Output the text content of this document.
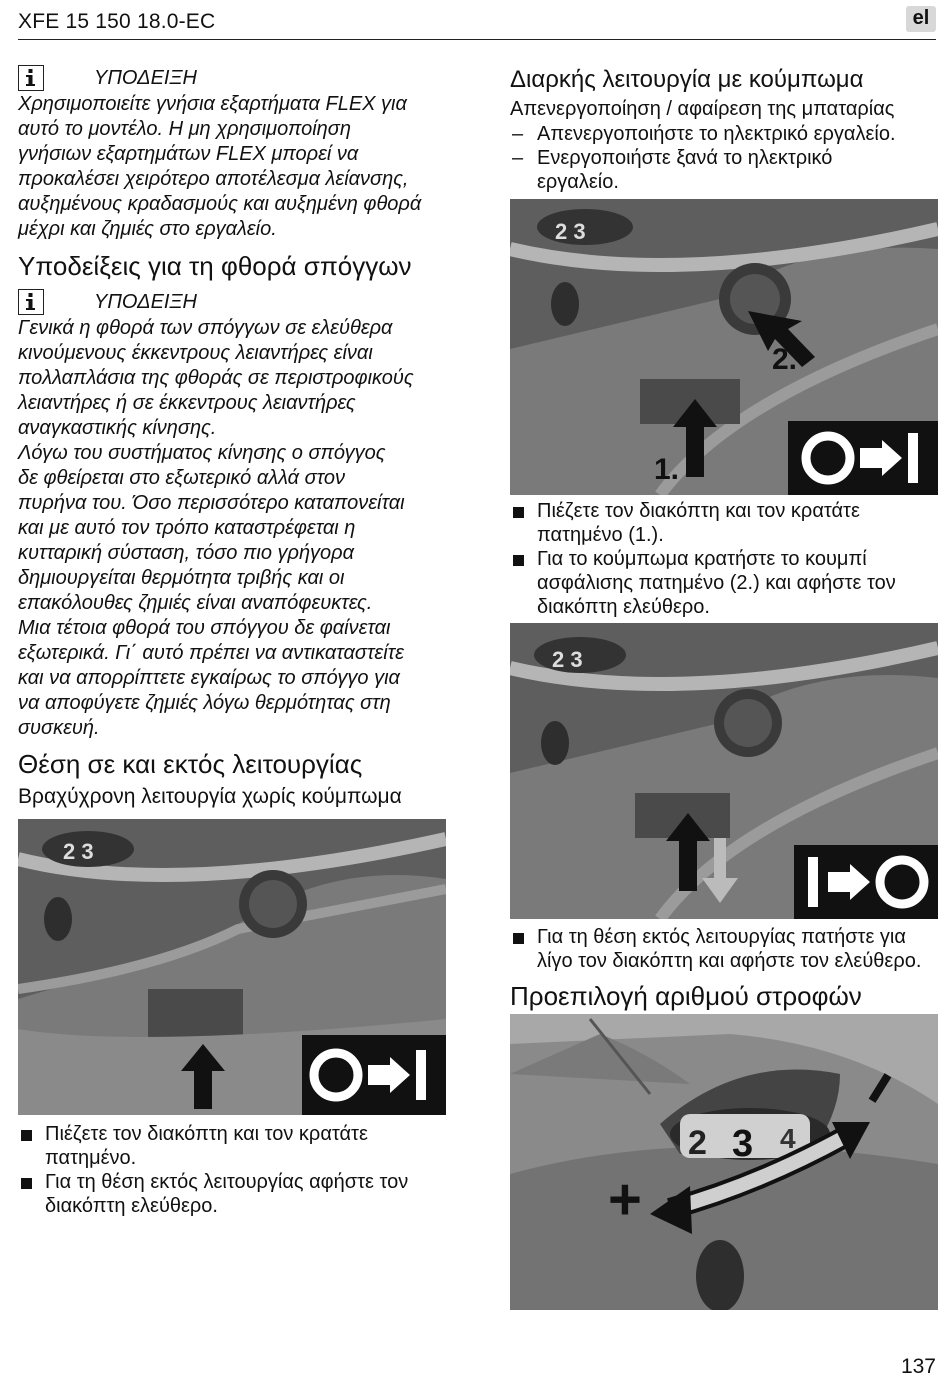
XFE 15 150 18.0-EC	el
ΥΠΟΔΕΙΞΗ

Χρησιμοποιείτε γνήσια εξαρτήματα FLEX για

αυτό το μοντέλο. Η μη χρησιμοποίηση

γνήσιων εξαρτημάτων FLEX μπορεί να

προκαλέσει χειρότερο αποτέλεσμα λείανσης,

αυξημένους κραδασμούς και αυξημένη φθορά

μέχρι και ζημιές στο εργαλείο.

Υποδείξεις για τη φθορά σπόγγων
ΥΠΟΔΕΙΞΗ

Γενικά η φθορά των σπόγγων σε ελεύθερα

κινούμενους έκκεντρους λειαντήρες είναι

πολλαπλάσια της φθοράς σε περιστροφικούς

λειαντήρες ή σε έκκεντρους λειαντήρες

αναγκαστικής κίνησης.

Λόγω του συστήματος κίνησης ο σπόγγος

δε φθείρεται στο εξωτερικό αλλά στον

πυρήνα του. Όσο περισσότερο καταπονείται

και με αυτό τον τρόπο καταστρέφεται η

κυτταρική σύσταση, τόσο πιο γρήγορα

δημιουργείται θερμότητα τριβής και οι

επακόλουθες ζημιές είναι αναπόφευκτες.

Μια τέτοια φθορά του σπόγγου δε φαίνεται

εξωτερικά. Γι΄ αυτό πρέπει να αντικαταστείτε

και να απορρίπτετε εγκαίρως το σπόγγο για

να αποφύγετε ζημιές λόγω θερμότητας στη

συσκευή.

Θέση σε και εκτός λειτουργίας
Βραχύχρονη λειτουργία χωρίς κούμπωμα
2 3

Πιέζετε τον διακόπτη και τον κρατάτε

πατημένο.

Για τη θέση εκτός λειτουργίας αφήστε τον

διακόπτη ελεύθερο.

Διαρκής λειτουργία με κούμπωμα
Απενεργοποίηση / αφαίρεση της μπαταρίας
– Απενεργοποιήστε το ηλεκτρικό εργαλείο.

– Ενεργοποιήστε ξανά το ηλεκτρικό

εργαλείο.

2 3
2.
1.

Πιέζετε τον διακόπτη και τον κρατάτε

πατημένο (1.).

Για το κούμπωμα κρατήστε το κουμπί

ασφάλισης πατημένο (2.) και αφήστε τον

διακόπτη ελεύθερο.

2 3

Για τη θέση εκτός λειτουργίας πατήστε για

λίγο τον διακόπτη και αφήστε τον ελεύθερο.

Προεπιλογή αριθμού στροφών
2 3 4
+
137
